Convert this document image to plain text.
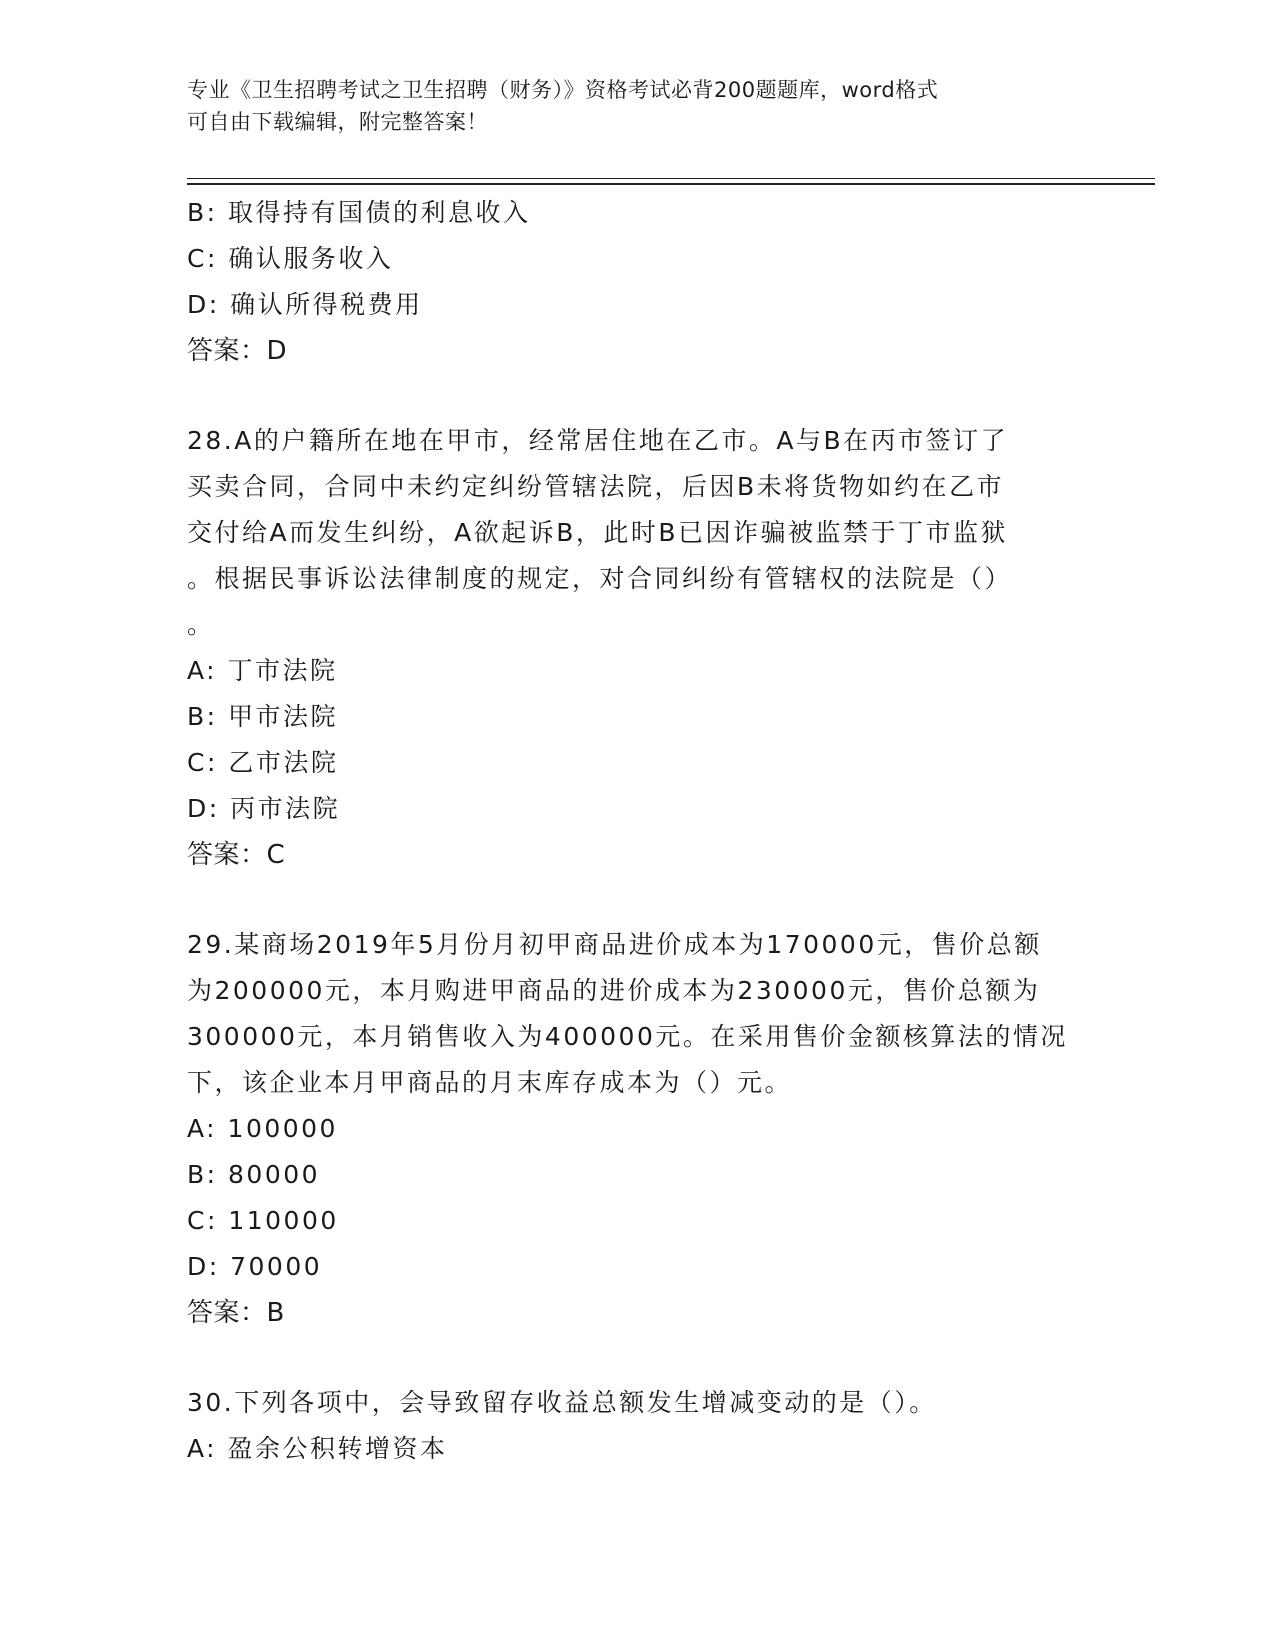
专业《卫生招聘考试之卫生招聘（财务）》资格考试必背200题题库，word格式
可自由下载编辑，附完整答案！
B: 取得持有国债的利息收入
C: 确认服务收入
D: 确认所得税费用
答案：D
28.A的户籍所在地在甲市，经常居住地在乙市。A与B在丙市签订了
买卖合同，合同中未约定纠纷管辖法院，后因B未将货物如约在乙市
交付给A而发生纠纷，A欲起诉B，此时B已因诈骗被监禁于丁市监狱
。根据民事诉讼法律制度的规定，对合同纠纷有管辖权的法院是（）
。
A: 丁市法院
B: 甲市法院
C: 乙市法院
D: 丙市法院
答案：C
29.某商场2019年5月份月初甲商品进价成本为170000元，售价总额
为200000元，本月购进甲商品的进价成本为230000元，售价总额为
300000元，本月销售收入为400000元。在采用售价金额核算法的情况
下，该企业本月甲商品的月末库存成本为（）元。
A: 100000
B: 80000
C: 110000
D: 70000
答案：B
30.下列各项中，会导致留存收益总额发生增减变动的是（）。
A: 盈余公积转增资本
